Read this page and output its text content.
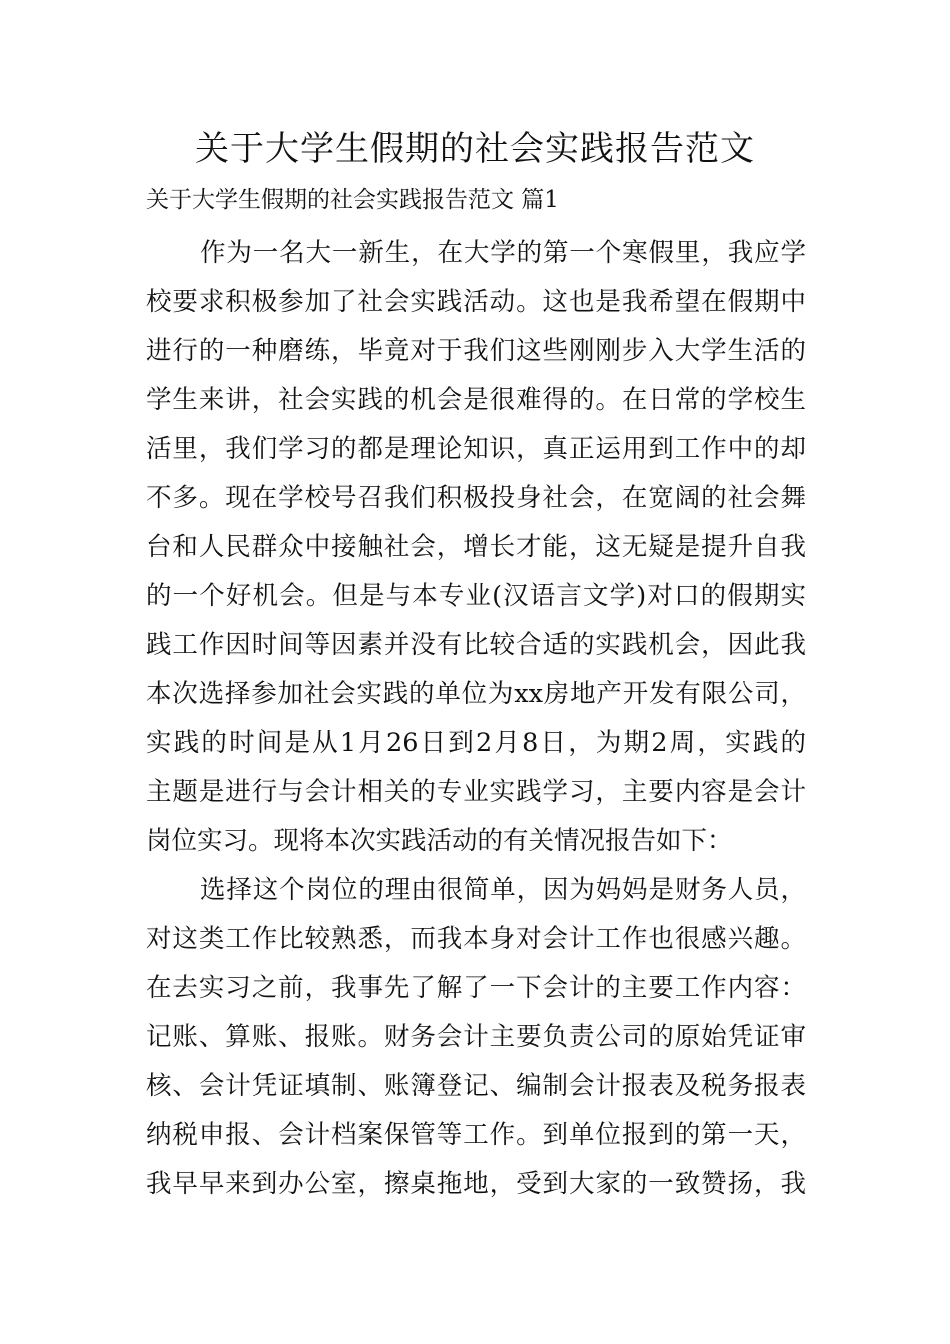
关于大学生假期的社会实践报告范文
关于大学生假期的社会实践报告范文 篇1
作为一名大一新生，在大学的第一个寒假里，我应学
校要求积极参加了社会实践活动。这也是我希望在假期中
进行的一种磨练，毕竟对于我们这些刚刚步入大学生活的
学生来讲，社会实践的机会是很难得的。在日常的学校生
活里，我们学习的都是理论知识，真正运用到工作中的却
不多。现在学校号召我们积极投身社会，在宽阔的社会舞
台和人民群众中接触社会，增长才能，这无疑是提升自我
的一个好机会。但是与本专业(汉语言文学)对口的假期实
践工作因时间等因素并没有比较合适的实践机会，因此我
本次选择参加社会实践的单位为xx房地产开发有限公司，
实践的时间是从1月26日到2月8日，为期2周，实践的
主题是进行与会计相关的专业实践学习，主要内容是会计
岗位实习。现将本次实践活动的有关情况报告如下：
选择这个岗位的理由很简单，因为妈妈是财务人员，
对这类工作比较熟悉，而我本身对会计工作也很感兴趣。
在去实习之前，我事先了解了一下会计的主要工作内容：
记账、算账、报账。财务会计主要负责公司的原始凭证审
核、会计凭证填制、账簿登记、编制会计报表及税务报表
纳税申报、会计档案保管等工作。到单位报到的第一天，
我早早来到办公室，擦桌拖地，受到大家的一致赞扬，我
